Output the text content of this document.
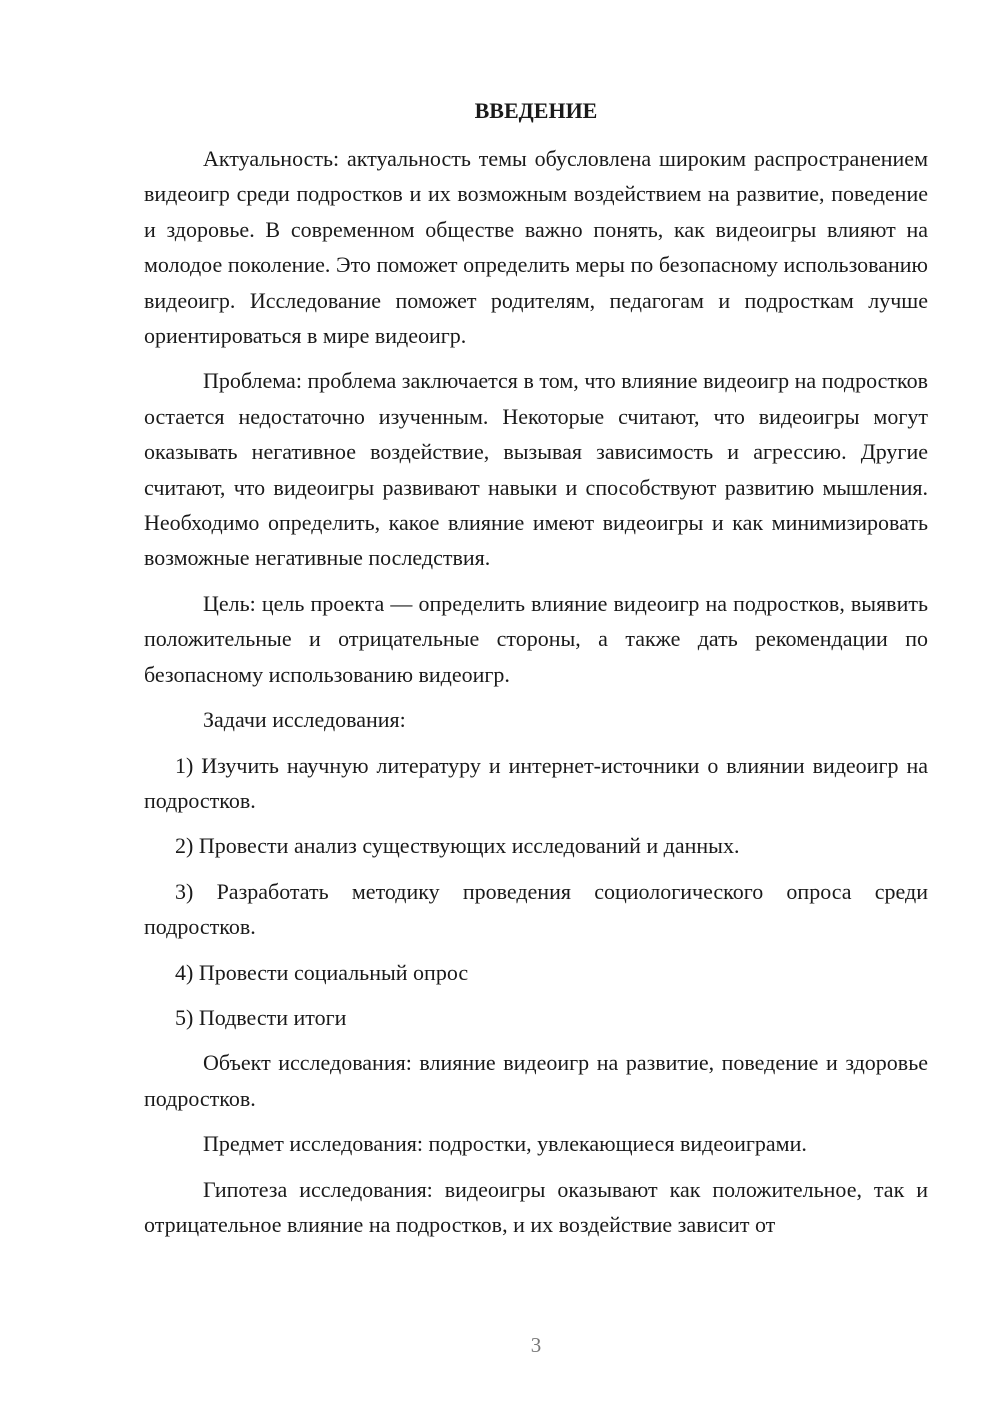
ВВЕДЕНИЕ

Актуальность: актуальность темы обусловлена широким распространением видеоигр среди подростков и их возможным воздействием на развитие, поведение и здоровье. В современном обществе важно понять, как видеоигры влияют на молодое поколение. Это поможет определить меры по безопасному использованию видеоигр. Исследование поможет родителям, педагогам и подросткам лучше ориентироваться в мире видеоигр.

Проблема: проблема заключается в том, что влияние видеоигр на подростков остается недостаточно изученным. Некоторые считают, что видеоигры могут оказывать негативное воздействие, вызывая зависимость и агрессию. Другие считают, что видеоигры развивают навыки и способствуют развитию мышления. Необходимо определить, какое влияние имеют видеоигры и как минимизировать возможные негативные последствия.

Цель: цель проекта — определить влияние видеоигр на подростков, выявить положительные и отрицательные стороны, а также дать рекомендации по безопасному использованию видеоигр.

Задачи исследования:

1) Изучить научную литературу и интернет-источники о влиянии видеоигр на подростков.

2) Провести анализ существующих исследований и данных.

3) Разработать методику проведения социологического опроса среди подростков.

4) Провести социальный опрос

5) Подвести итоги

Объект исследования: влияние видеоигр на развитие, поведение и здоровье подростков.

Предмет исследования: подростки, увлекающиеся видеоиграми.

Гипотеза исследования: видеоигры оказывают как положительное, так и отрицательное влияние на подростков, и их воздействие зависит от

3
